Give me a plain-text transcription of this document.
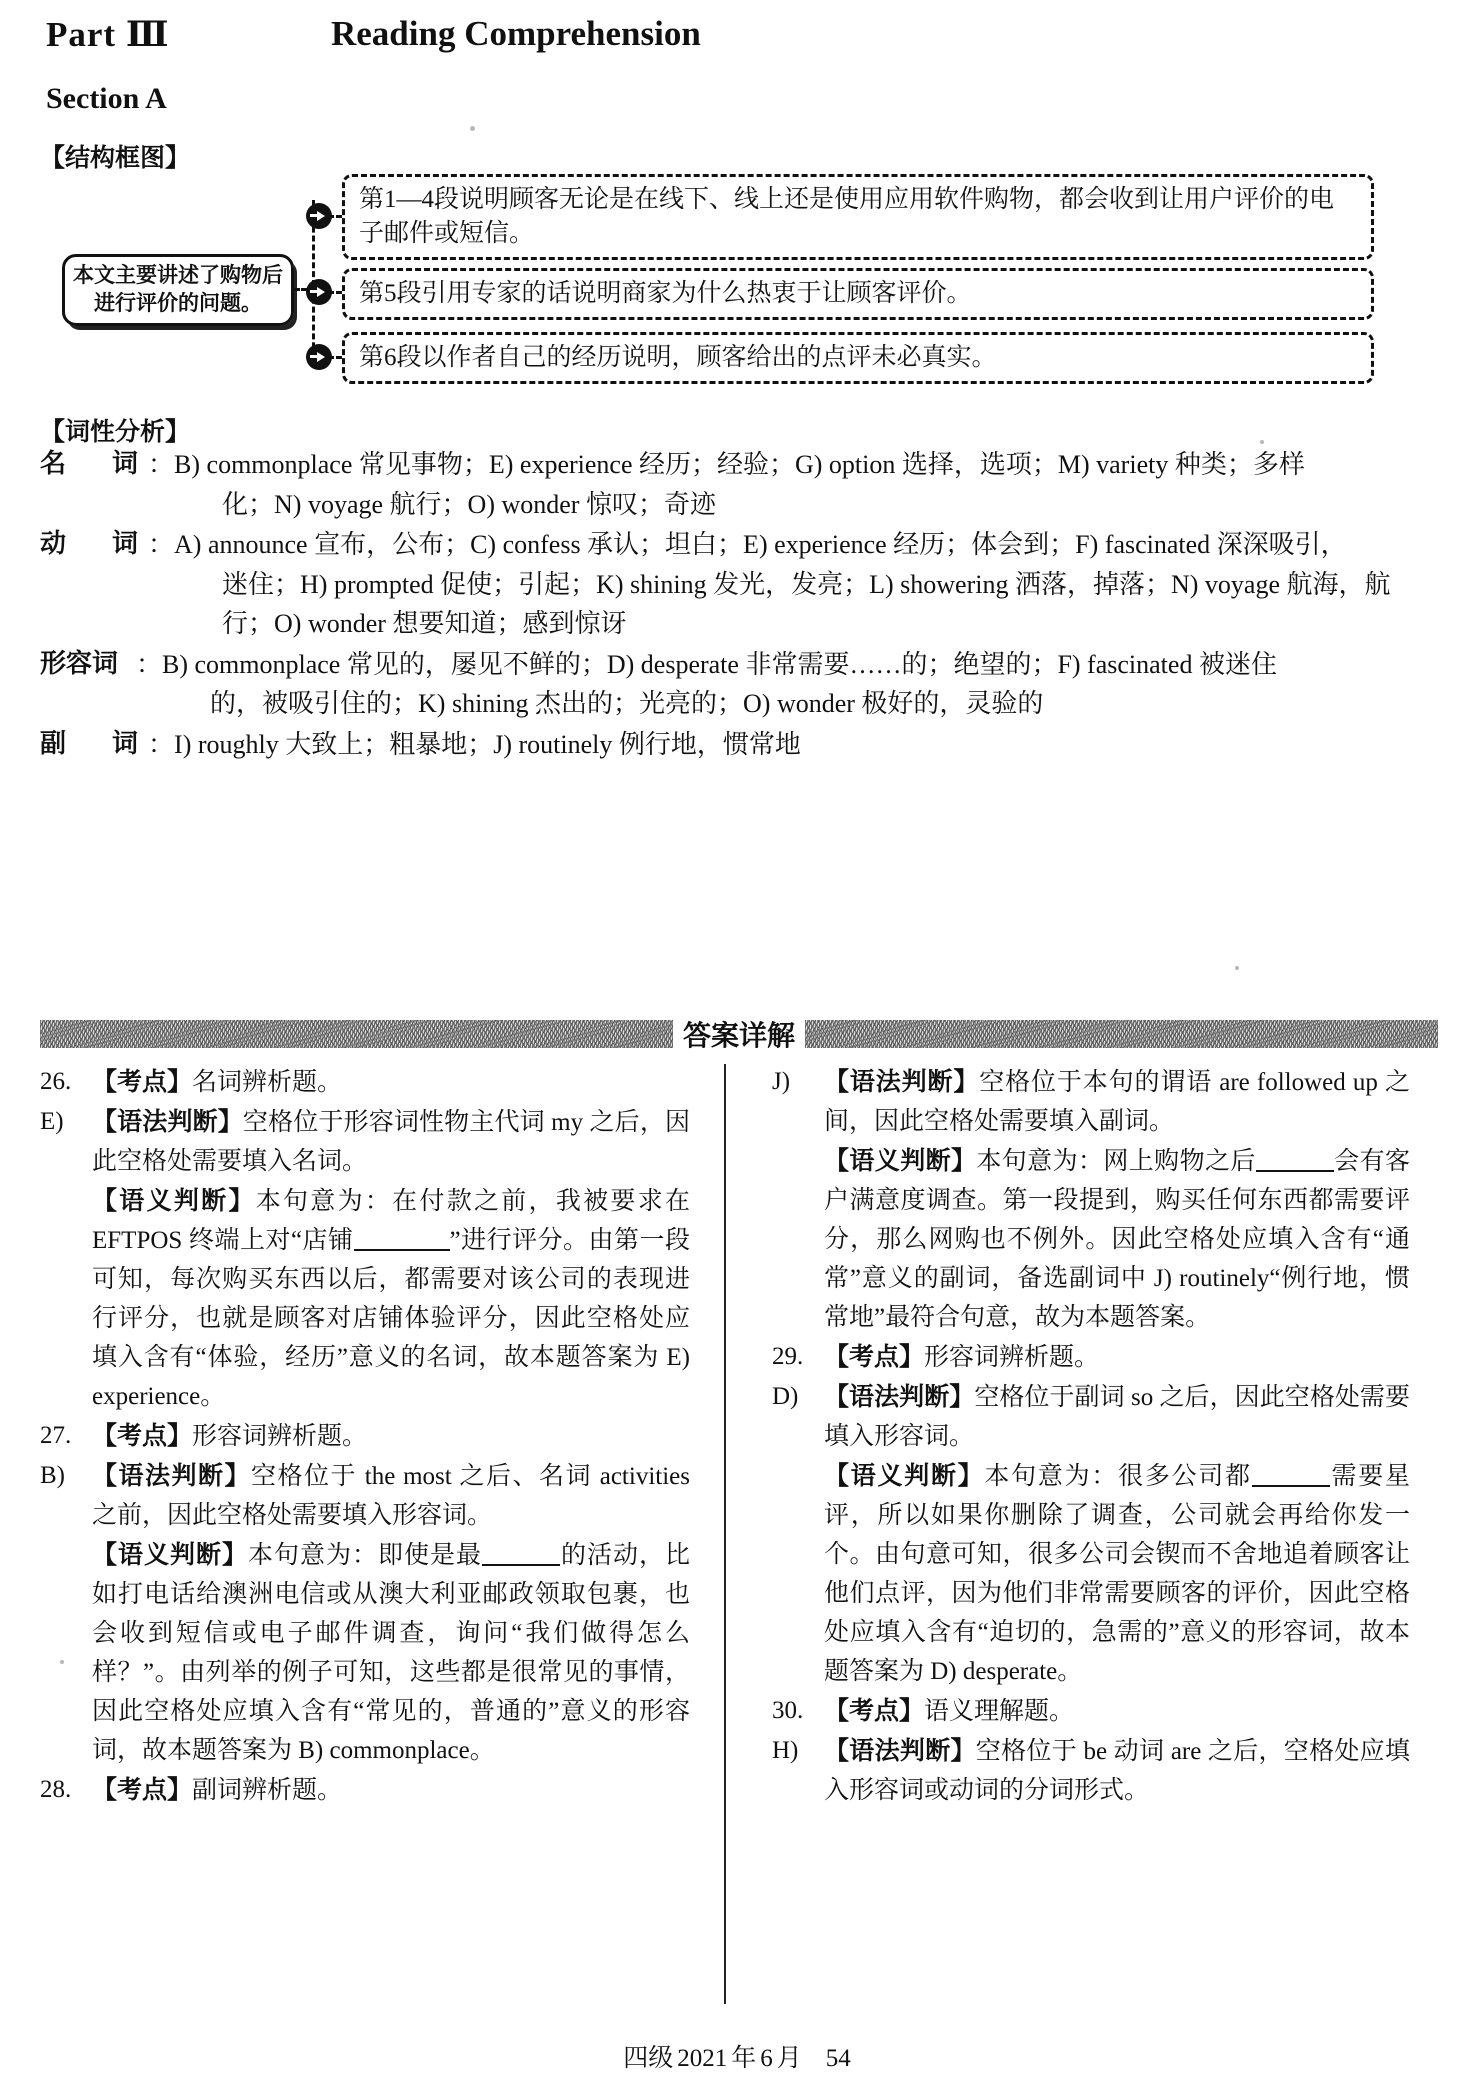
Part Ⅲ	Reading Comprehension
Section A
【结构框图】
本文主要讲述了购物后进行评价的问题。
第1—4段说明顾客无论是在线下、线上还是使用应用软件购物，都会收到让用户评价的电子邮件或短信。
第5段引用专家的话说明商家为什么热衷于让顾客评价。
第6段以作者自己的经历说明，顾客给出的点评未必真实。
【词性分析】
名　词 ： B) commonplace 常见事物；E) experience 经历；经验；G) option 选择，选项；M) variety 种类；多样
化；N) voyage 航行；O) wonder 惊叹；奇迹
动　词 ： A) announce 宣布，公布；C) confess 承认；坦白；E) experience 经历；体会到；F) fascinated 深深吸引，
迷住；H) prompted 促使；引起；K) shining 发光，发亮；L) showering 洒落，掉落；N) voyage 航海，航
行；O) wonder 想要知道；感到惊讶
形容词 ： B) commonplace 常见的，屡见不鲜的；D) desperate 非常需要……的；绝望的；F) fascinated 被迷住
的，被吸引住的；K) shining 杰出的；光亮的；O) wonder 极好的，灵验的
副　词 ： I) roughly 大致上；粗暴地；J) routinely 例行地，惯常地
答案详解
26. 【考点】名词辨析题。
E)	【语法判断】空格位于形容词性物主代词 my 之后，因此空格处需要填入名词。
【语义判断】本句意为：在付款之前，我被要求在 EFTPOS 终端上对“店铺	”进行评分。由第一段可知，每次购买东西以后，都需要对该公司的表现进行评分，也就是顾客对店铺体验评分，因此空格处应填入含有“体验，经历”意义的名词，故本题答案为 E) experience。
27. 【考点】形容词辨析题。
B)	【语法判断】空格位于 the most 之后、名词 activities 之前，因此空格处需要填入形容词。
【语义判断】本句意为：即使是最	的活动，比如打电话给澳洲电信或从澳大利亚邮政领取包裹，也会收到短信或电子邮件调查，询问“我们做得怎么样？”。由列举的例子可知，这些都是很常见的事情，因此空格处应填入含有“常见的，普通的”意义的形容词，故本题答案为 B) commonplace。
28. 【考点】副词辨析题。
J)	【语法判断】空格位于本句的谓语 are followed up 之间，因此空格处需要填入副词。
【语义判断】本句意为：网上购物之后	会有客户满意度调查。第一段提到，购买任何东西都需要评分，那么网购也不例外。因此空格处应填入含有“通常”意义的副词，备选副词中 J) routinely“例行地，惯常地”最符合句意，故为本题答案。
29. 【考点】形容词辨析题。
D)	【语法判断】空格位于副词 so 之后，因此空格处需要填入形容词。
【语义判断】本句意为：很多公司都	需要星评，所以如果你删除了调查，公司就会再给你发一个。由句意可知，很多公司会锲而不舍地追着顾客让他们点评，因为他们非常需要顾客的评价，因此空格处应填入含有“迫切的，急需的”意义的形容词，故本题答案为 D) desperate。
30. 【考点】语义理解题。
H)	【语法判断】空格位于 be 动词 are 之后，空格处应填入形容词或动词的分词形式。
四级 2021 年 6 月 54
